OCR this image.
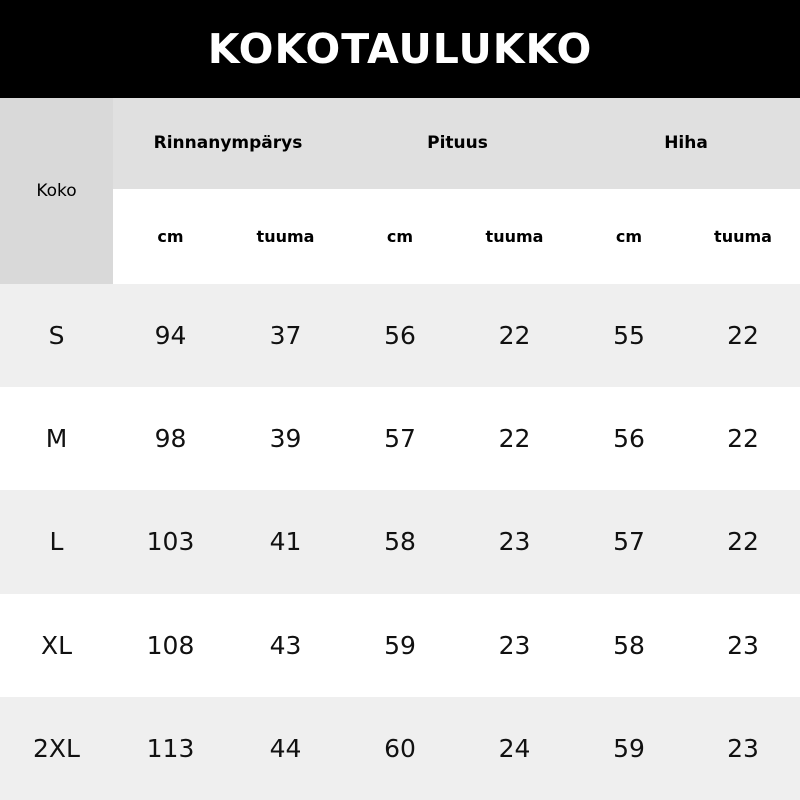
KOKOTAULUKKO
Koko	Rinnanympärys		Pituus		Hiha	
	cm	tuuma	cm	tuuma	cm	tuuma
S	94	37	56	22	55	22
M	98	39	57	22	56	22
L	103	41	58	23	57	22
XL	108	43	59	23	58	23
2XL	113	44	60	24	59	23
